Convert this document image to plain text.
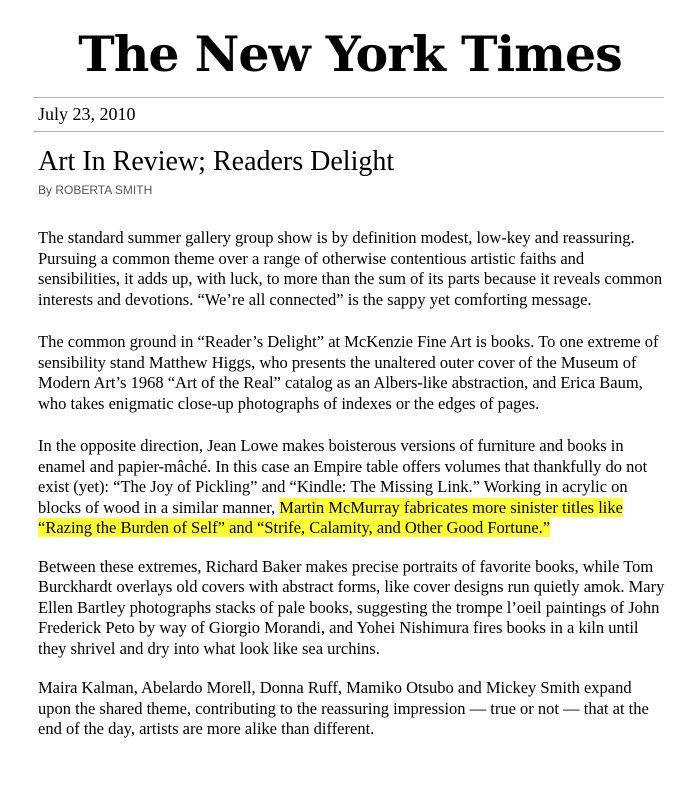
The New York Times
July 23, 2010
Art In Review; Readers Delight
By ROBERTA SMITH

The standard summer gallery group show is by definition modest, low-key and reassuring. Pursuing a common theme over a range of otherwise contentious artistic faiths and sensibilities, it adds up, with luck, to more than the sum of its parts because it reveals common interests and devotions. “We’re all connected” is the sappy yet comforting message.

The common ground in “Reader’s Delight” at McKenzie Fine Art is books. To one extreme of sensibility stand Matthew Higgs, who presents the unaltered outer cover of the Museum of Modern Art’s 1968 “Art of the Real” catalog as an Albers-like abstraction, and Erica Baum, who takes enigmatic close-up photographs of indexes or the edges of pages.

In the opposite direction, Jean Lowe makes boisterous versions of furniture and books in enamel and papier-mâché. In this case an Empire table offers volumes that thankfully do not exist (yet): “The Joy of Pickling” and “Kindle: The Missing Link.” Working in acrylic on blocks of wood in a similar manner, Martin McMurray fabricates more sinister titles like “Razing the Burden of Self” and “Strife, Calamity, and Other Good Fortune.”

Between these extremes, Richard Baker makes precise portraits of favorite books, while Tom Burckhardt overlays old covers with abstract forms, like cover designs run quietly amok. Mary Ellen Bartley photographs stacks of pale books, suggesting the trompe l’oeil paintings of John Frederick Peto by way of Giorgio Morandi, and Yohei Nishimura fires books in a kiln until they shrivel and dry into what look like sea urchins.

Maira Kalman, Abelardo Morell, Donna Ruff, Mamiko Otsubo and Mickey Smith expand upon the shared theme, contributing to the reassuring impression — true or not — that at the end of the day, artists are more alike than different.
